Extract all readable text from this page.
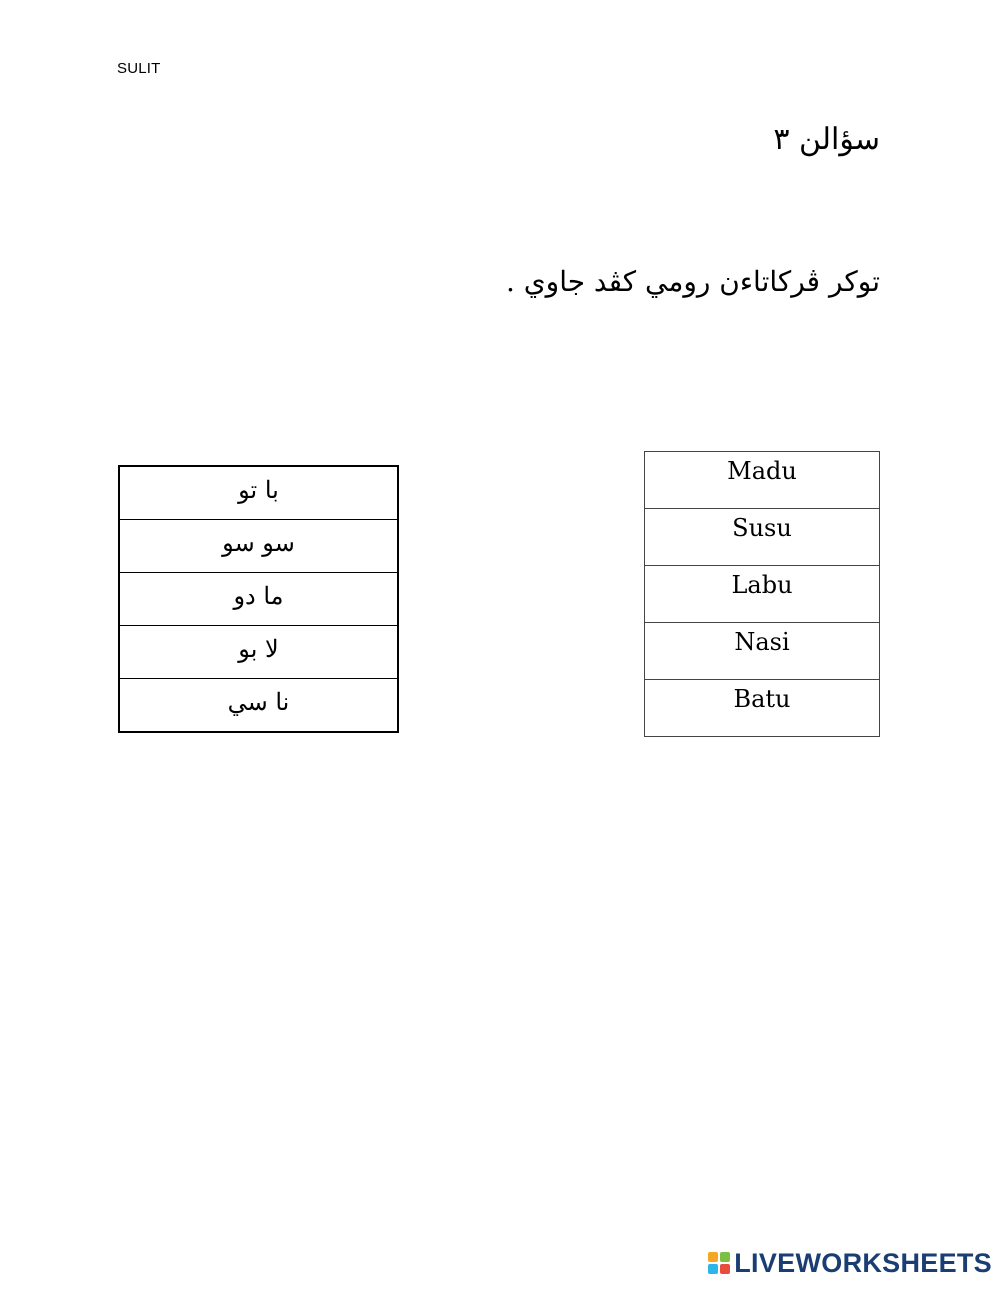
SULIT
سؤالن ٣
توكر ڤركاتاءن رومي كڤد جاوي .
با تو
سو سو
ما دو
لا بو
نا سي
Madu
Susu
Labu
Nasi
Batu
LIVEWORKSHEETS
